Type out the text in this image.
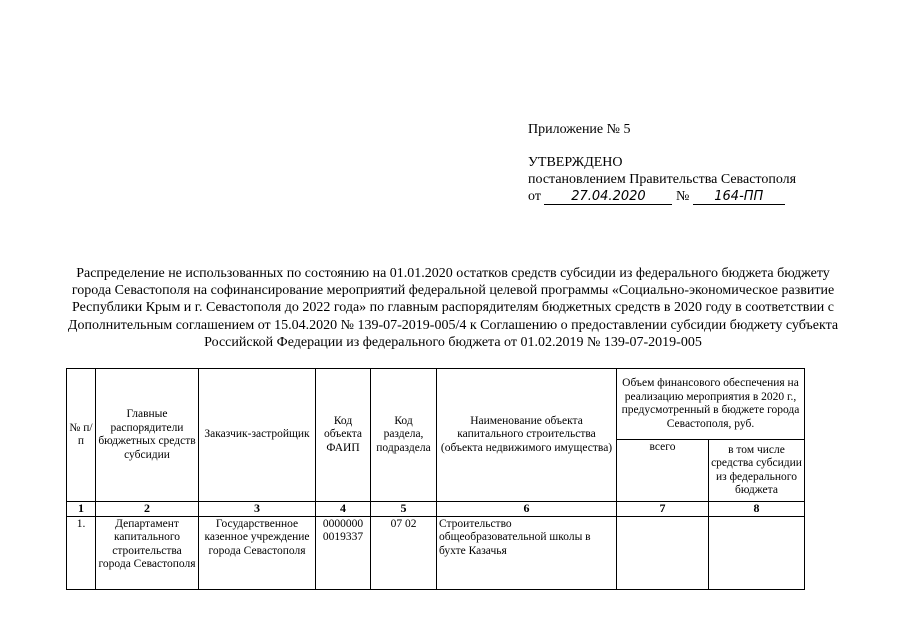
Приложение № 5
УТВЕРЖДЕНО
постановлением Правительства Севастополя
от 27.04.2020 № 164-ПП
Распределение не использованных по состоянию на 01.01.2020 остатков средств субсидии из федерального бюджета бюджету города Севастополя на софинансирование мероприятий федеральной целевой программы «Социально-экономическое развитие Республики Крым и г. Севастополя до 2022 года» по главным распорядителям бюджетных средств в 2020 году в соответствии с Дополнительным соглашением от 15.04.2020 № 139-07-2019-005/4 к Соглашению о предоставлении субсидии бюджету субъекта Российской Федерации из федерального бюджета от 01.02.2019 № 139-07-2019-005
№ п/п	Главные распорядители бюджетных средств субсидии	Заказчик-застройщик	Код объекта ФАИП	Код раздела, подраздела	Наименование объекта капитального строительства (объекта недвижимого имущества)	Объем финансового обеспечения на реализацию мероприятия в 2020 г., предусмотренный в бюджете города Севастополя, руб.	
						всего	в том числе средства субсидии из федерального бюджета
1	2	3	4	5	6	7	8
1.	Департамент капитального строительства города Севастополя	Государственное казенное учреждение города Севастополя	0000000 0019337	07 02	Строительство общеобразовательной школы в бухте Казачья		
